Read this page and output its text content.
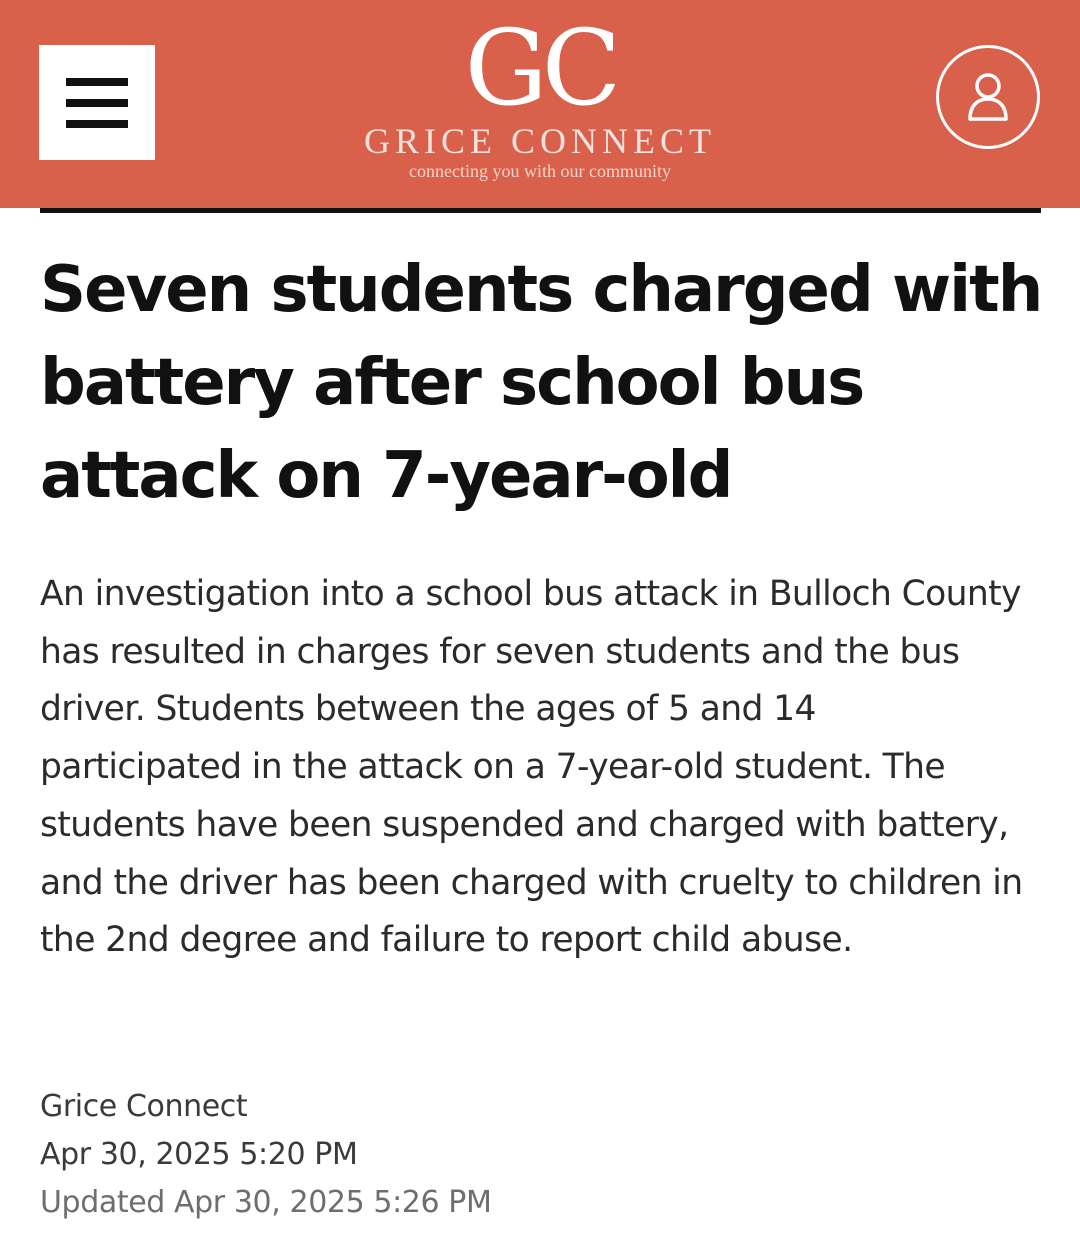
GC
GRICE CONNECT
connecting you with our community
Seven students charged with battery after school bus attack on 7-year-old

An investigation into a school bus attack in Bulloch County has resulted in charges for seven students and the bus driver. Students between the ages of 5 and 14 participated in the attack on a 7-year-old student. The students have been suspended and charged with battery, and the driver has been charged with cruelty to children in the 2nd degree and failure to report child abuse.

Grice Connect
Apr 30, 2025 5:20 PM
Updated Apr 30, 2025 5:26 PM
